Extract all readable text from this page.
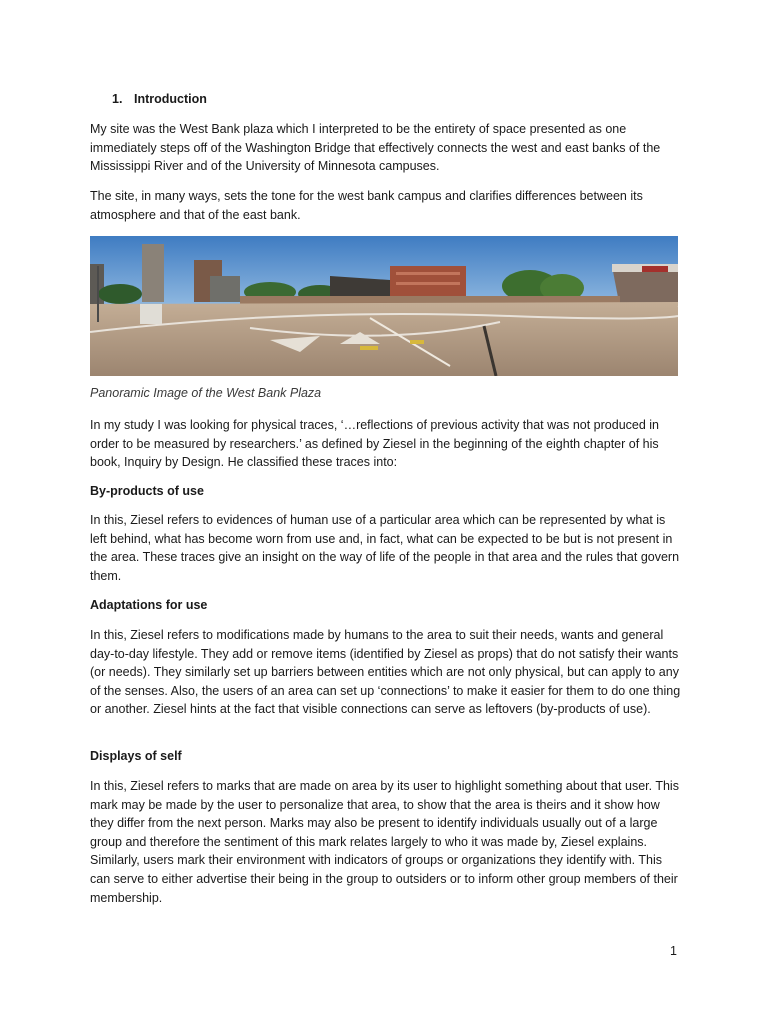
1. Introduction

My site was the West Bank plaza which I interpreted to be the entirety of space presented as one immediately steps off of the Washington Bridge that effectively connects the west and east banks of the Mississippi River and of the University of Minnesota campuses.

The site, in many ways, sets the tone for the west bank campus and clarifies differences between its atmosphere and that of the east bank.

Panoramic Image of the West Bank Plaza

In my study I was looking for physical traces, ‘…reflections of previous activity that was not produced in order to be measured by researchers.’ as defined by Ziesel in the beginning of the eighth chapter of his book, Inquiry by Design. He classified these traces into:

By-products of use

In this, Ziesel refers to evidences of human use of a particular area which can be represented by what is left behind, what has become worn from use and, in fact, what can be expected to be but is not present in the area. These traces give an insight on the way of life of the people in that area and the rules that govern them.

Adaptations for use

In this, Ziesel refers to modifications made by humans to the area to suit their needs, wants and general day-to-day lifestyle. They add or remove items (identified by Ziesel as props) that do not satisfy their wants (or needs). They similarly set up barriers between entities which are not only physical, but can apply to any of the senses. Also, the users of an area can set up ‘connections’ to make it easier for them to do one thing or another. Ziesel hints at the fact that visible connections can serve as leftovers (by-products of use).

Displays of self

In this, Ziesel refers to marks that are made on area by its user to highlight something about that user. This mark may be made by the user to personalize that area, to show that the area is theirs and it show how they differ from the next person. Marks may also be present to identify individuals usually out of a large group and therefore the sentiment of this mark relates largely to who it was made by, Ziesel explains. Similarly, users mark their environment with indicators of groups or organizations they identify with. This can serve to either advertise their being in the group to outsiders or to inform other group members of their membership.

1
